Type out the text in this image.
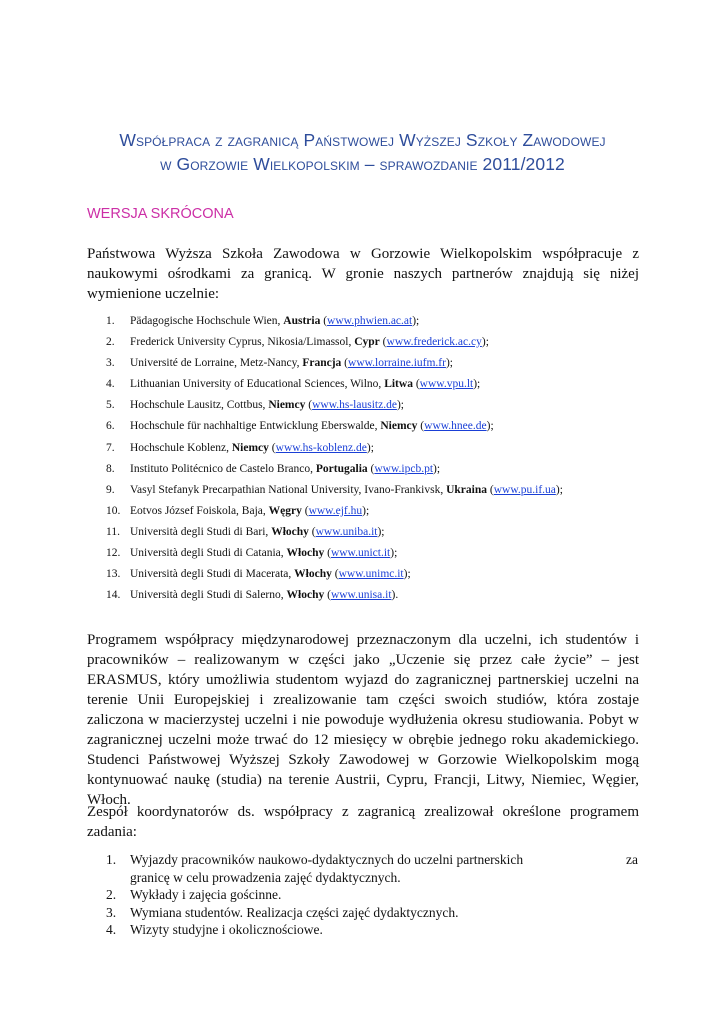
Współpraca z zagranicą Państwowej Wyższej Szkoły Zawodowej
w Gorzowie Wielkopolskim – sprawozdanie 2011/2012
WERSJA SKRÓCONA

Państwowa Wyższa Szkoła Zawodowa w Gorzowie Wielkopolskim współpracuje z naukowymi ośrodkami za granicą. W gronie naszych partnerów znajdują się niżej wymienione uczelnie:

1. Pädagogische Hochschule Wien, Austria (www.phwien.ac.at);
2. Frederick University Cyprus, Nikosia/Limassol, Cypr (www.frederick.ac.cy);
3. Université de Lorraine, Metz-Nancy, Francja (www.lorraine.iufm.fr);
4. Lithuanian University of Educational Sciences, Wilno, Litwa (www.vpu.lt);
5. Hochschule Lausitz, Cottbus, Niemcy (www.hs-lausitz.de);
6. Hochschule für nachhaltige Entwicklung Eberswalde, Niemcy (www.hnee.de);
7. Hochschule Koblenz, Niemcy (www.hs-koblenz.de);
8. Instituto Politécnico de Castelo Branco, Portugalia (www.ipcb.pt);
9. Vasyl Stefanyk Precarpathian National University, Ivano-Frankivsk, Ukraina (www.pu.if.ua);
10. Eotvos József Foiskola, Baja, Węgry (www.ejf.hu);
11. Università degli Studi di Bari, Włochy (www.uniba.it);
12. Università degli Studi di Catania, Włochy (www.unict.it);
13. Università degli Studi di Macerata, Włochy (www.unimc.it);
14. Università degli Studi di Salerno, Włochy (www.unisa.it).

Programem współpracy międzynarodowej przeznaczonym dla uczelni, ich studentów i pracowników – realizowanym w części jako „Uczenie się przez całe życie” – jest ERASMUS, który umożliwia studentom wyjazd do zagranicznej partnerskiej uczelni na terenie Unii Europejskiej i zrealizowanie tam części swoich studiów, która zostaje zaliczona w macierzystej uczelni i nie powoduje wydłużenia okresu studiowania. Pobyt w zagranicznej uczelni może trwać do 12 miesięcy w obrębie jednego roku akademickiego. Studenci Państwowej Wyższej Szkoły Zawodowej w Gorzowie Wielkopolskim mogą kontynuować naukę (studia) na terenie Austrii, Cypru, Francji, Litwy, Niemiec, Węgier, Włoch.

Zespół koordynatorów ds. współpracy z zagranicą zrealizował określone programem zadania:

1. Wyjazdy pracowników naukowo-dydaktycznych do uczelni partnerskich	za

granicę w celu prowadzenia zajęć dydaktycznych.
2. Wykłady i zajęcia gościnne.
3. Wymiana studentów. Realizacja części zajęć dydaktycznych.
4. Wizyty studyjne i okolicznościowe.
